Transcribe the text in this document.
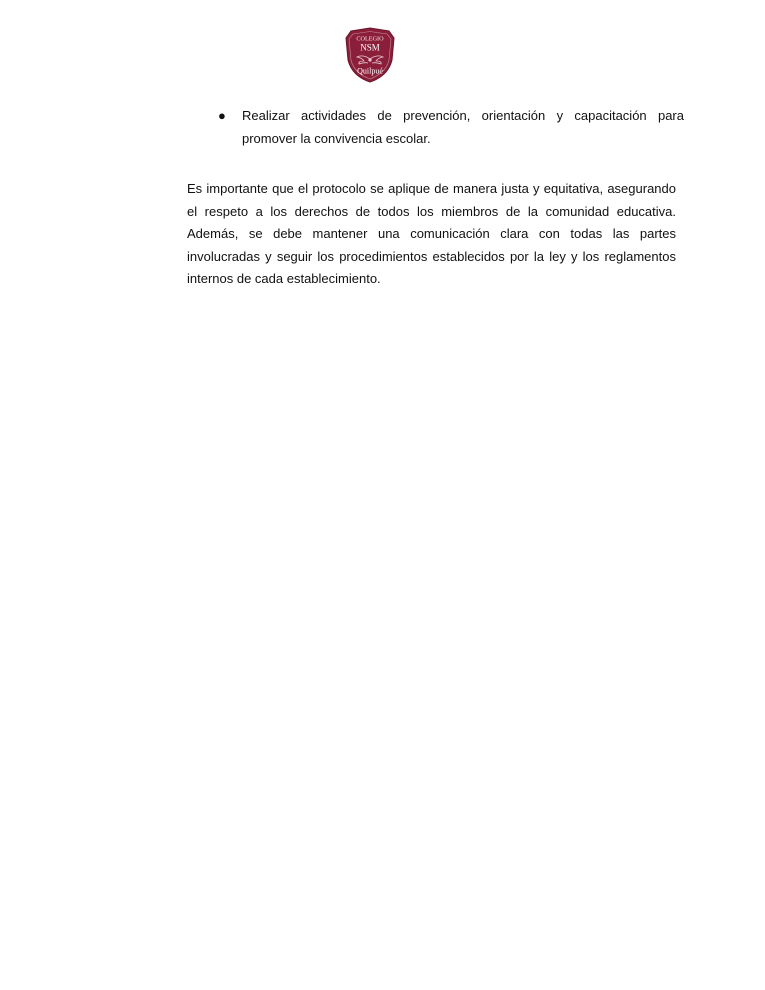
COLEGIO
NSM
Quilpué
● Realizar actividades de prevención, orientación y capacitación para promover la convivencia escolar.

Es importante que el protocolo se aplique de manera justa y equitativa, asegurando el respeto a los derechos de todos los miembros de la comunidad educativa. Además, se debe mantener una comunicación clara con todas las partes involucradas y seguir los procedimientos establecidos por la ley y los reglamentos internos de cada establecimiento.
